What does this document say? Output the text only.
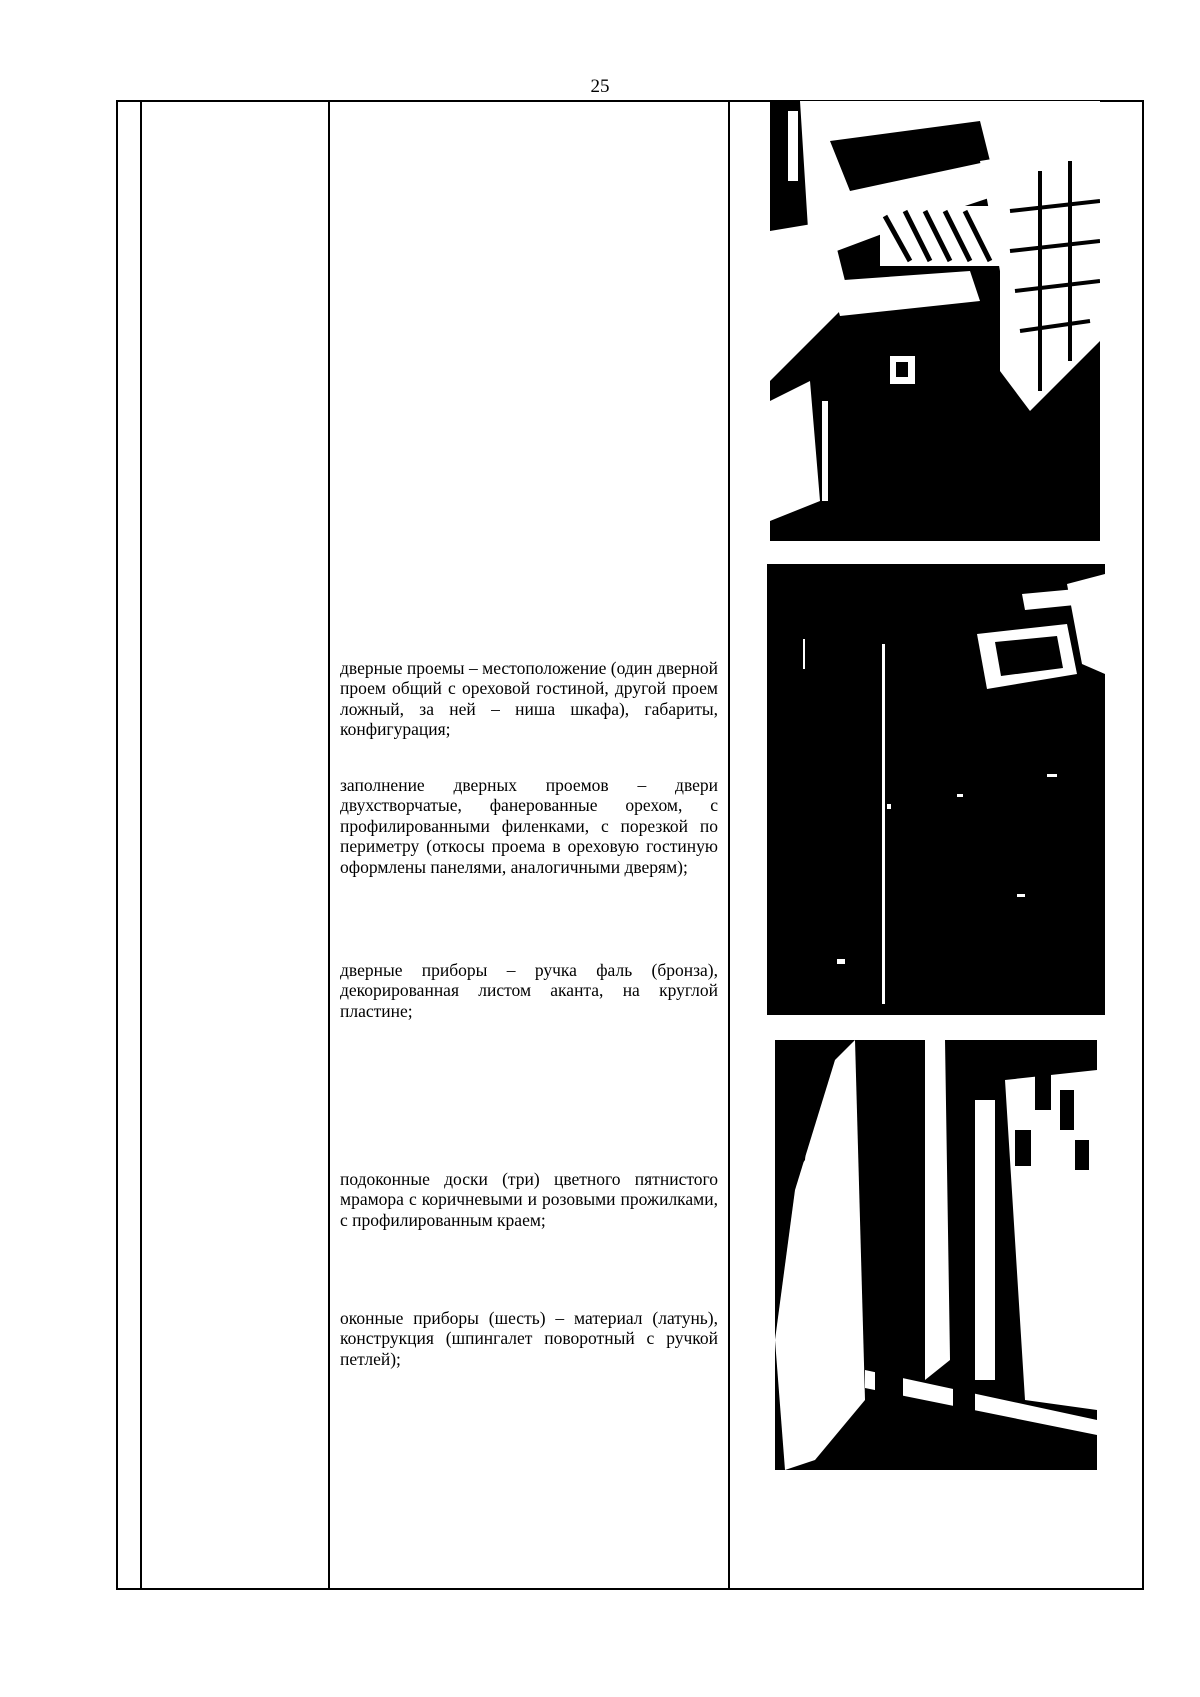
25

дверные проемы – местоположение (один дверной проем общий с ореховой гостиной, другой проем ложный, за ней – ниша шкафа), габариты, конфигурация;

заполнение дверных проемов – двери двухстворчатые, фанерованные орехом, с профилированными филенками, с порезкой по периметру (откосы проема в ореховую гостиную оформлены панелями, аналогичными дверям);

дверные приборы – ручка фаль (бронза), декорированная листом аканта, на круглой пластине;

подоконные доски (три) цветного пятнистого мрамора с коричневыми и розовыми прожилками, с профилированным краем;

оконные приборы (шесть) – материал (латунь), конструкция (шпингалет поворотный с ручкой петлей);
